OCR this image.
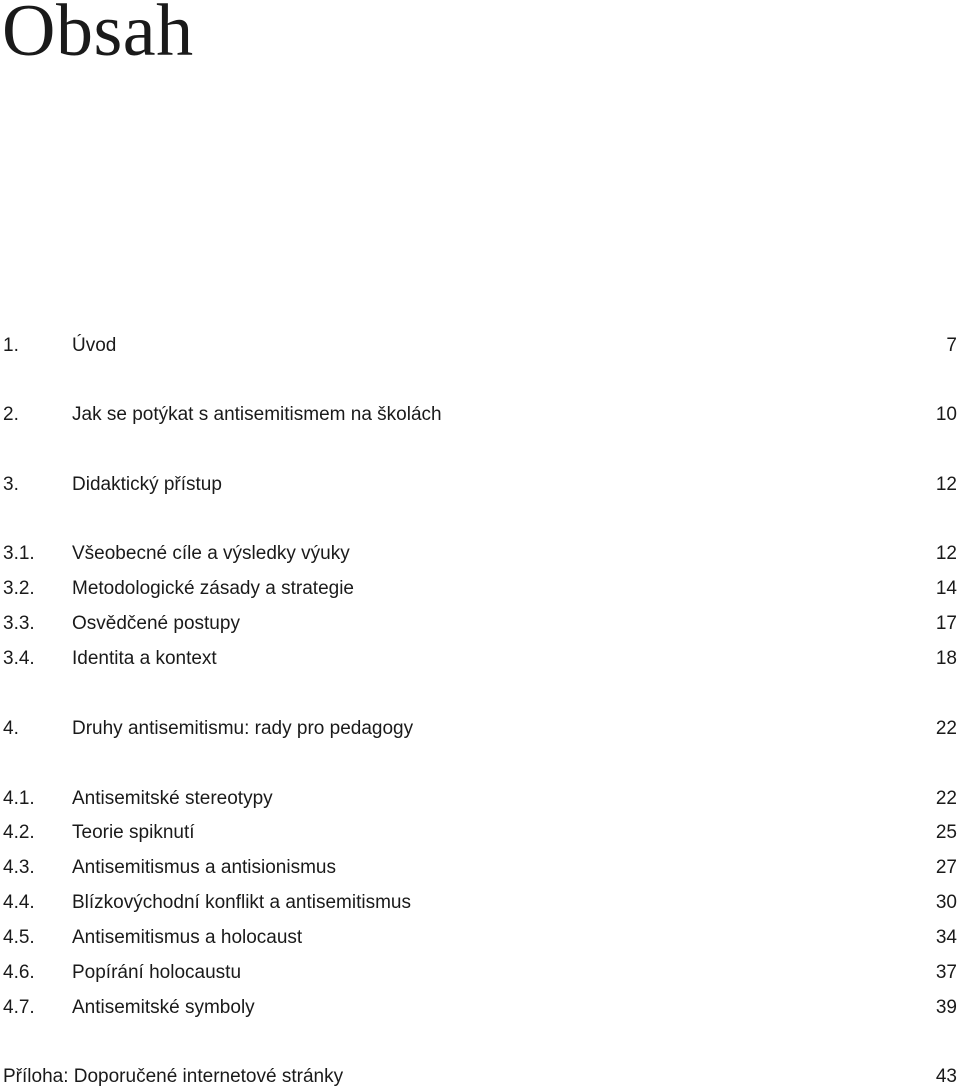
Obsah
1.	Úvod	7
2.	Jak se potýkat s antisemitismem na školách	10
3.	Didaktický přístup	12
3.1. Všeobecné cíle a výsledky výuky	12
3.2. Metodologické zásady a strategie	14
3.3. Osvědčené postupy	17
3.4. Identita a kontext	18
4.	Druhy antisemitismu: rady pro pedagogy	22
4.1. Antisemitské stereotypy	22
4.2. Teorie spiknutí	25
4.3. Antisemitismus a antisionismus	27
4.4. Blízkovýchodní konflikt a antisemitismus	30
4.5. Antisemitismus a holocaust	34
4.6. Popírání holocaustu	37
4.7. Antisemitské symboly	39
Příloha: Doporučené internetové stránky	43
